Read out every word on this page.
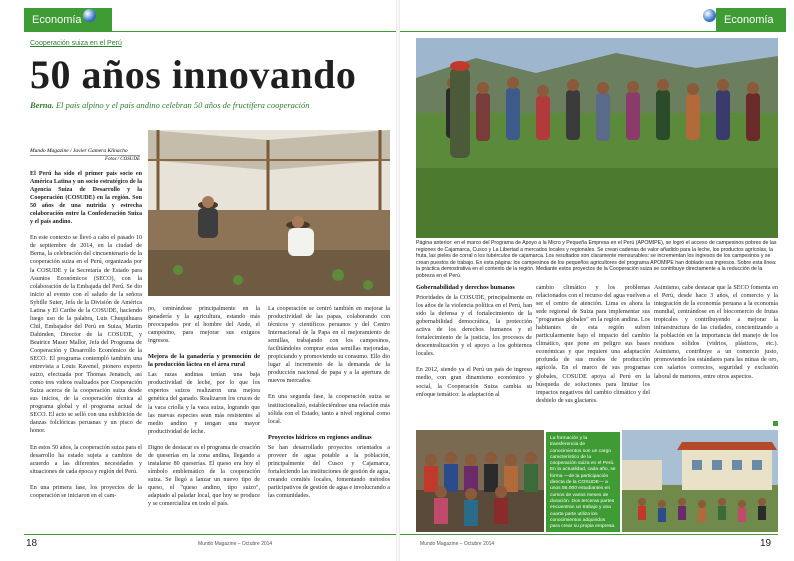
Economía	Economía
Cooperación suiza en el Perú
50 años innovando
Berna. El país alpino y el país andino celebran 50 años de fructífera cooperación
Mundo Magazine / Javier Gamera Klinacho
Fotos / COSUDE

El Perú ha sido el primer país socio en América Latina y un socio estratégico de la Agencia Suiza de Desarrollo y la Cooperación (COSUDE) en la región. Son 50 años de una nutrida y estrecha colaboración entre la Confederación Suiza y el país andino.

En este contexto se llevó a cabo el pasado 10 de septiembre de 2014, en la ciudad de Berna, la celebración del cincuentenario de la cooperación suiza en el Perú, organizada por la COSUDE y la Secretaría de Estado para Asuntos Económicos (SECO), con la colaboración de la Embajada del Perú. Se dio inicio al evento con el saludo de la señora Sybille Suter, Jefa de la División de América Latina y El Caribe de la COSUDE, haciendo luego uso de la palabra, Luis Chuquihuara Chil, Embajador del Perú en Suiza, Martin Dahinden, Director de la COSUDE, y Beatrice Maser Mallor, Jefa del Programa de Cooperación y Desarrollo Económico de la SECO. El programa contempló también una entrevista a Louis Ravenel, pionero experto suizo, efectuada por Thomas Jenatsch, así como tres videos realizados por Cooperación Suiza acerca de la cooperación suiza desde sus inicios, de la cooperación técnica al programa global y el programa actual de SECO. El acto se selló con una exhibición de danzas folclóricas peruanas y un pisco de honor.

En estos 50 años, la cooperación suiza para el desarrollo ha estado sujeta a cambios de acuerdo a las diferentes necesidades y situaciones de cada época y región del Perú.

En una primera fase, los proyectos de la cooperación se iniciaron en el cam-

po, centrándose principalmente en la ganadería y la agricultura, estando más preocupados por el hombre del Ande, el campesino, para mejorar sus exiguos ingresos.

Mejora de la ganadería y promoción de la producción láctea en el área rural

Las razas andinas tenían una baja productividad de leche, por lo que los expertos suizos realizaron una mejora genética del ganado. Realizaron los cruces de la vaca criolla y la vaca suiza, logrando que las nuevas especies sean más resistentes al medio andino y tengan una mayor productividad de leche.

Digno de destacar es el programa de creación de queserías en la zona andina, llegando a instalarse 80 queserías. El queso era hoy el símbolo emblemático de la cooperación suiza. Se llegó a lanzar un nuevo tipo de queso, el "queso andino, tipo suizo", adaptado al paladar local, que hoy se produce y se comercializa en todo el país.

La cooperación se centró también en mejorar la productividad de las papas, colaborando con técnicos y científicos peruanos y del Centro Internacional de la Papa en el mejoramiento de semillas, trabajando con los campesinos, facilitándoles comprar estas semillas mejoradas, propiciando y promoviendo su consumo. Ello dio lugar al incremento de la demanda de la producción nacional de papa y a la apertura de nuevos mercados.

En una segunda fase, la cooperación suiza se institucionalizó, estableciéndose una relación más sólida con el Estado, tanto a nivel regional como local.

Proyectos hídricos en regiones andinas

Se han desarrollado proyectos orientados a proveer de agua potable a la población, principalmente del Cusco y Cajamarca, fortaleciendo las instituciones de gestión de agua, creando comités locales, fomentando métodos participativos de gestión de agua e involucrando a las comunidades.

Página anterior: en el marco del Programa de Apoyo a la Micro y Pequeña Empresa en el Perú (APOMIPE), se logró el acceso de campesinos pobres de las regiones de Cajamarca, Cusco y La Libertad a mercados locales y regionales. Se crean cadenas de valor añadido para la leche, los productos agrícolas, la fruta, las pieles de corral o los tubérculos de cajamarca. Los resultados son claramente mensurables: se incrementan los ingresos de los campesinos y se crean puestos de trabajo. En esta página: los campesinos de los pequeños agricultores del programa APOMIPE han doblado sus ingresos. Sobre esta línea: la práctica demostrativa en el contexto de la región. Mediante estos proyectos de la Cooperación suiza se contribuye directamente a la reducción de la pobreza en el Perú.
Gobernabilidad y derechos humanos

Prioridades de la COSUDE, principalmente en los años de la violencia política en el Perú, han sido la defensa y el fortalecimiento de la gobernabilidad democrática, la protección activa de los derechos humanos y el fortalecimiento de la justicia, los procesos de descentralización y el apoyo a los gobiernos locales.

En 2012, siendo ya el Perú un país de ingreso medio, con gran dinamismo económico y social, la Cooperación Suiza cambia su enfoque temático: la adaptación al

cambio climático y los problemas relacionados con el recurso del agua vuelven a ser el centro de atención. Lima es ahora la sede regional de Suiza para implementar sus "programas globales" en la región andina. Los habitantes de esta región sufren particularmente bajo el impacto del cambio climático, que pone en peligro sus bases económicas y que requiere una adaptación profunda de sus modos de producción agrícola. En el marco de sus programas globales, COSUDE apoya al Perú en la búsqueda de soluciones para limitar los impactos negativos del cambio climático y del deshielo de sus glaciares.

Asimismo, cabe destacar que la SECO fomenta en el Perú, desde hace 3 años, el comercio y la integración de la economía peruana a la economía mundial, centrándose en el biocomercio de frutas tropicales y contribuyendo a mejorar la infraestructura de las ciudades, concientizando a la población en la importancia del manejo de los residuos sólidos (vidrios, plásticos, etc.). Asimismo, contribuye a un comercio justo, promoviendo los estándares para las minas de oro, con salarios correctos, seguridad y exclusión laboral de menores, entre otros aspectos.

La formación y la transferencia de conocimientos son un cargo característico de la cooperación suiza en el Perú. En la actualidad, cada año, se forma —de la participación directa de la COSUDE— a unos 56.000 estudiantes en cursos de varios meses de duración. Dos terceras partes encuentran un trabajo y una cuarta parte utiliza los conocimientos adquiridos para crear su propia empresa.
18	Mundo Magazine – Octubre 2014	Mundo Magazine – Octubre 2014	19
